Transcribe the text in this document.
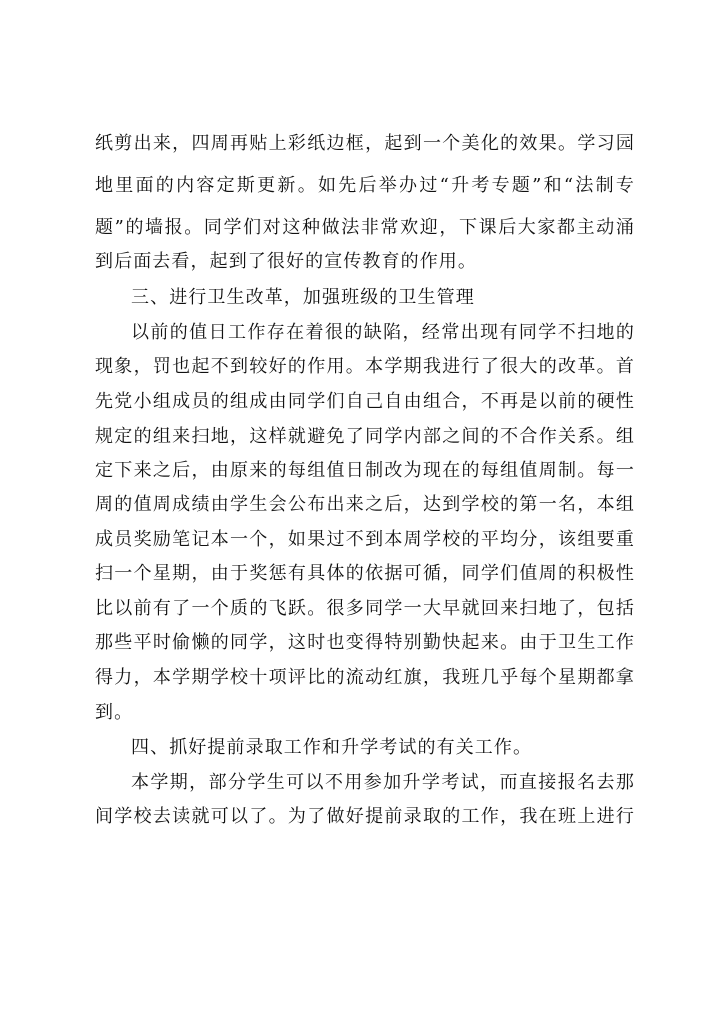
纸剪出来，四周再贴上彩纸边框，起到一个美化的效果。学习园
地里面的内容定斯更新。如先后举办过“升考专题”和“法制专
题”的墙报。同学们对这种做法非常欢迎，下课后大家都主动涌
到后面去看，起到了很好的宣传教育的作用。
三、进行卫生改革，加强班级的卫生管理
以前的值日工作存在着很的缺陷，经常出现有同学不扫地的
现象，罚也起不到较好的作用。本学期我进行了很大的改革。首
先党小组成员的组成由同学们自己自由组合，不再是以前的硬性
规定的组来扫地，这样就避免了同学内部之间的不合作关系。组
定下来之后，由原来的每组值日制改为现在的每组值周制。每一
周的值周成绩由学生会公布出来之后，达到学校的第一名，本组
成员奖励笔记本一个，如果过不到本周学校的平均分，该组要重
扫一个星期，由于奖惩有具体的依据可循，同学们值周的积极性
比以前有了一个质的飞跃。很多同学一大早就回来扫地了，包括
那些平时偷懒的同学，这时也变得特别勤快起来。由于卫生工作
得力，本学期学校十项评比的流动红旗，我班几乎每个星期都拿
到。
四、抓好提前录取工作和升学考试的有关工作。
本学期，部分学生可以不用参加升学考试，而直接报名去那
间学校去读就可以了。为了做好提前录取的工作，我在班上进行
